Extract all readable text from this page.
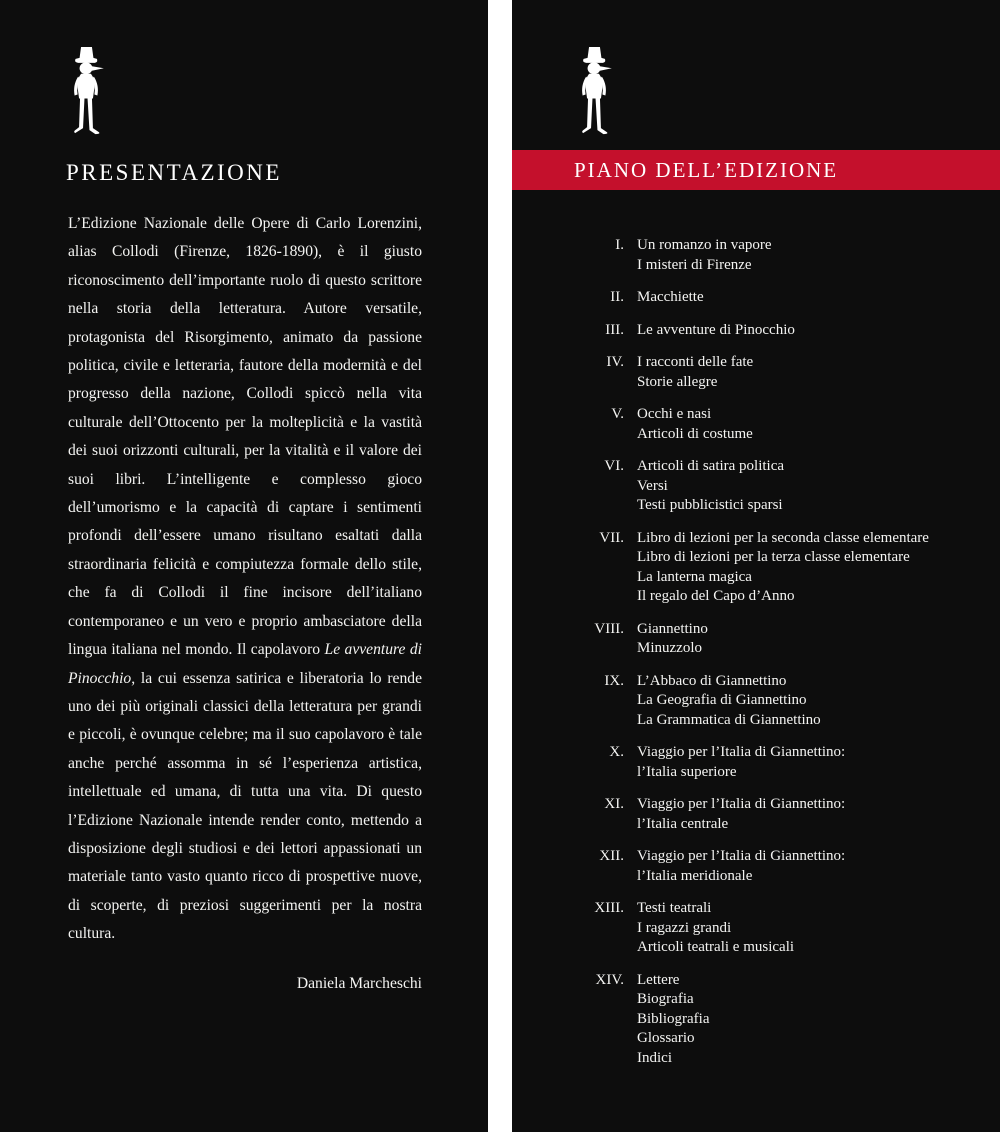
PRESENTAZIONE

L’Edizione Nazionale delle Opere di Carlo Lorenzini, alias Collodi (Firenze, 1826-1890), è il giusto riconoscimento dell’importante ruolo di questo scrittore nella storia della letteratura. Autore versatile, protagonista del Risorgimento, animato da passione politica, civile e letteraria, fautore della modernità e del progresso della nazione, Collodi spiccò nella vita culturale dell’Ottocento per la molteplicità e la vastità dei suoi orizzonti culturali, per la vitalità e il valore dei suoi libri. L’intelligente e complesso gioco dell’umorismo e la capacità di captare i sentimenti profondi dell’essere umano risultano esaltati dalla straordinaria felicità e compiutezza formale dello stile, che fa di Collodi il fine incisore dell’italiano contemporaneo e un vero e proprio ambasciatore della lingua italiana nel mondo. Il capolavoro Le avventure di Pinocchio, la cui essenza satirica e liberatoria lo rende uno dei più originali classici della letteratura per grandi e piccoli, è ovunque celebre; ma il suo capolavoro è tale anche perché assomma in sé l’esperienza artistica, intellettuale ed umana, di tutta una vita. Di questo l’Edizione Nazionale intende render conto, mettendo a disposizione degli studiosi e dei lettori appassionati un materiale tanto vasto quanto ricco di prospettive nuove, di scoperte, di preziosi suggerimenti per la nostra cultura.

Daniela Marcheschi

PIANO DELL’EDIZIONE
I. Un romanzo in vapore
I misteri di Firenze
II. Macchiette
III. Le avventure di Pinocchio
IV. I racconti delle fate
Storie allegre
V. Occhi e nasi
Articoli di costume
VI. Articoli di satira politica
Versi
Testi pubblicistici sparsi
VII. Libro di lezioni per la seconda classe elementare
Libro di lezioni per la terza classe elementare
La lanterna magica
Il regalo del Capo d’Anno
VIII. Giannettino
Minuzzolo
IX. L’Abbaco di Giannettino
La Geografia di Giannettino
La Grammatica di Giannettino
X. Viaggio per l’Italia di Giannettino:
l’Italia superiore
XI. Viaggio per l’Italia di Giannettino:
l’Italia centrale
XII. Viaggio per l’Italia di Giannettino:
l’Italia meridionale
XIII. Testi teatrali
I ragazzi grandi
Articoli teatrali e musicali
XIV. Lettere
Biografia
Bibliografia
Glossario
Indici
